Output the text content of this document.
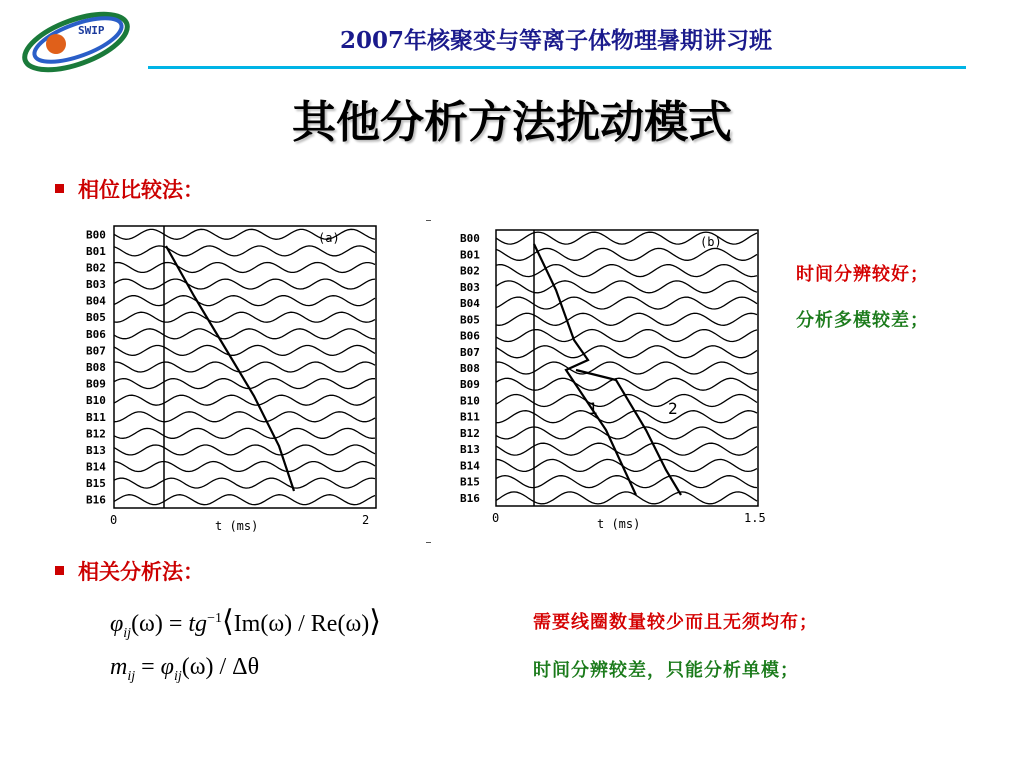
SWIP	2007年核聚变与等离子体物理暑期讲习班
其他分析方法扰动模式
相位比较法：
(a)
B00
B01
B02
B03
B04
B05
B06
B07
B08
B09
B10
B11
B12
B13
B14
B15
B16
0	2
t (ms)
(b)
B00
B01
B02
B03
B04
B05
B06
B07
B08
B09
B10
B11
B12
B13
B14
B15
B16
0	1.5
t (ms)
1	2
时间分辨较好；
分析多模较差；
相关分析法：
$\varphi_{ij}(\omega)$ = $tg^{-1}⟨Im(\omega)$ / Re(ω)⟩
$m_{ij} = \varphi_{ij}(\omega) / \Delta\theta$
需要线圈数量较少而且无须均布；
时间分辨较差，只能分析单模；
